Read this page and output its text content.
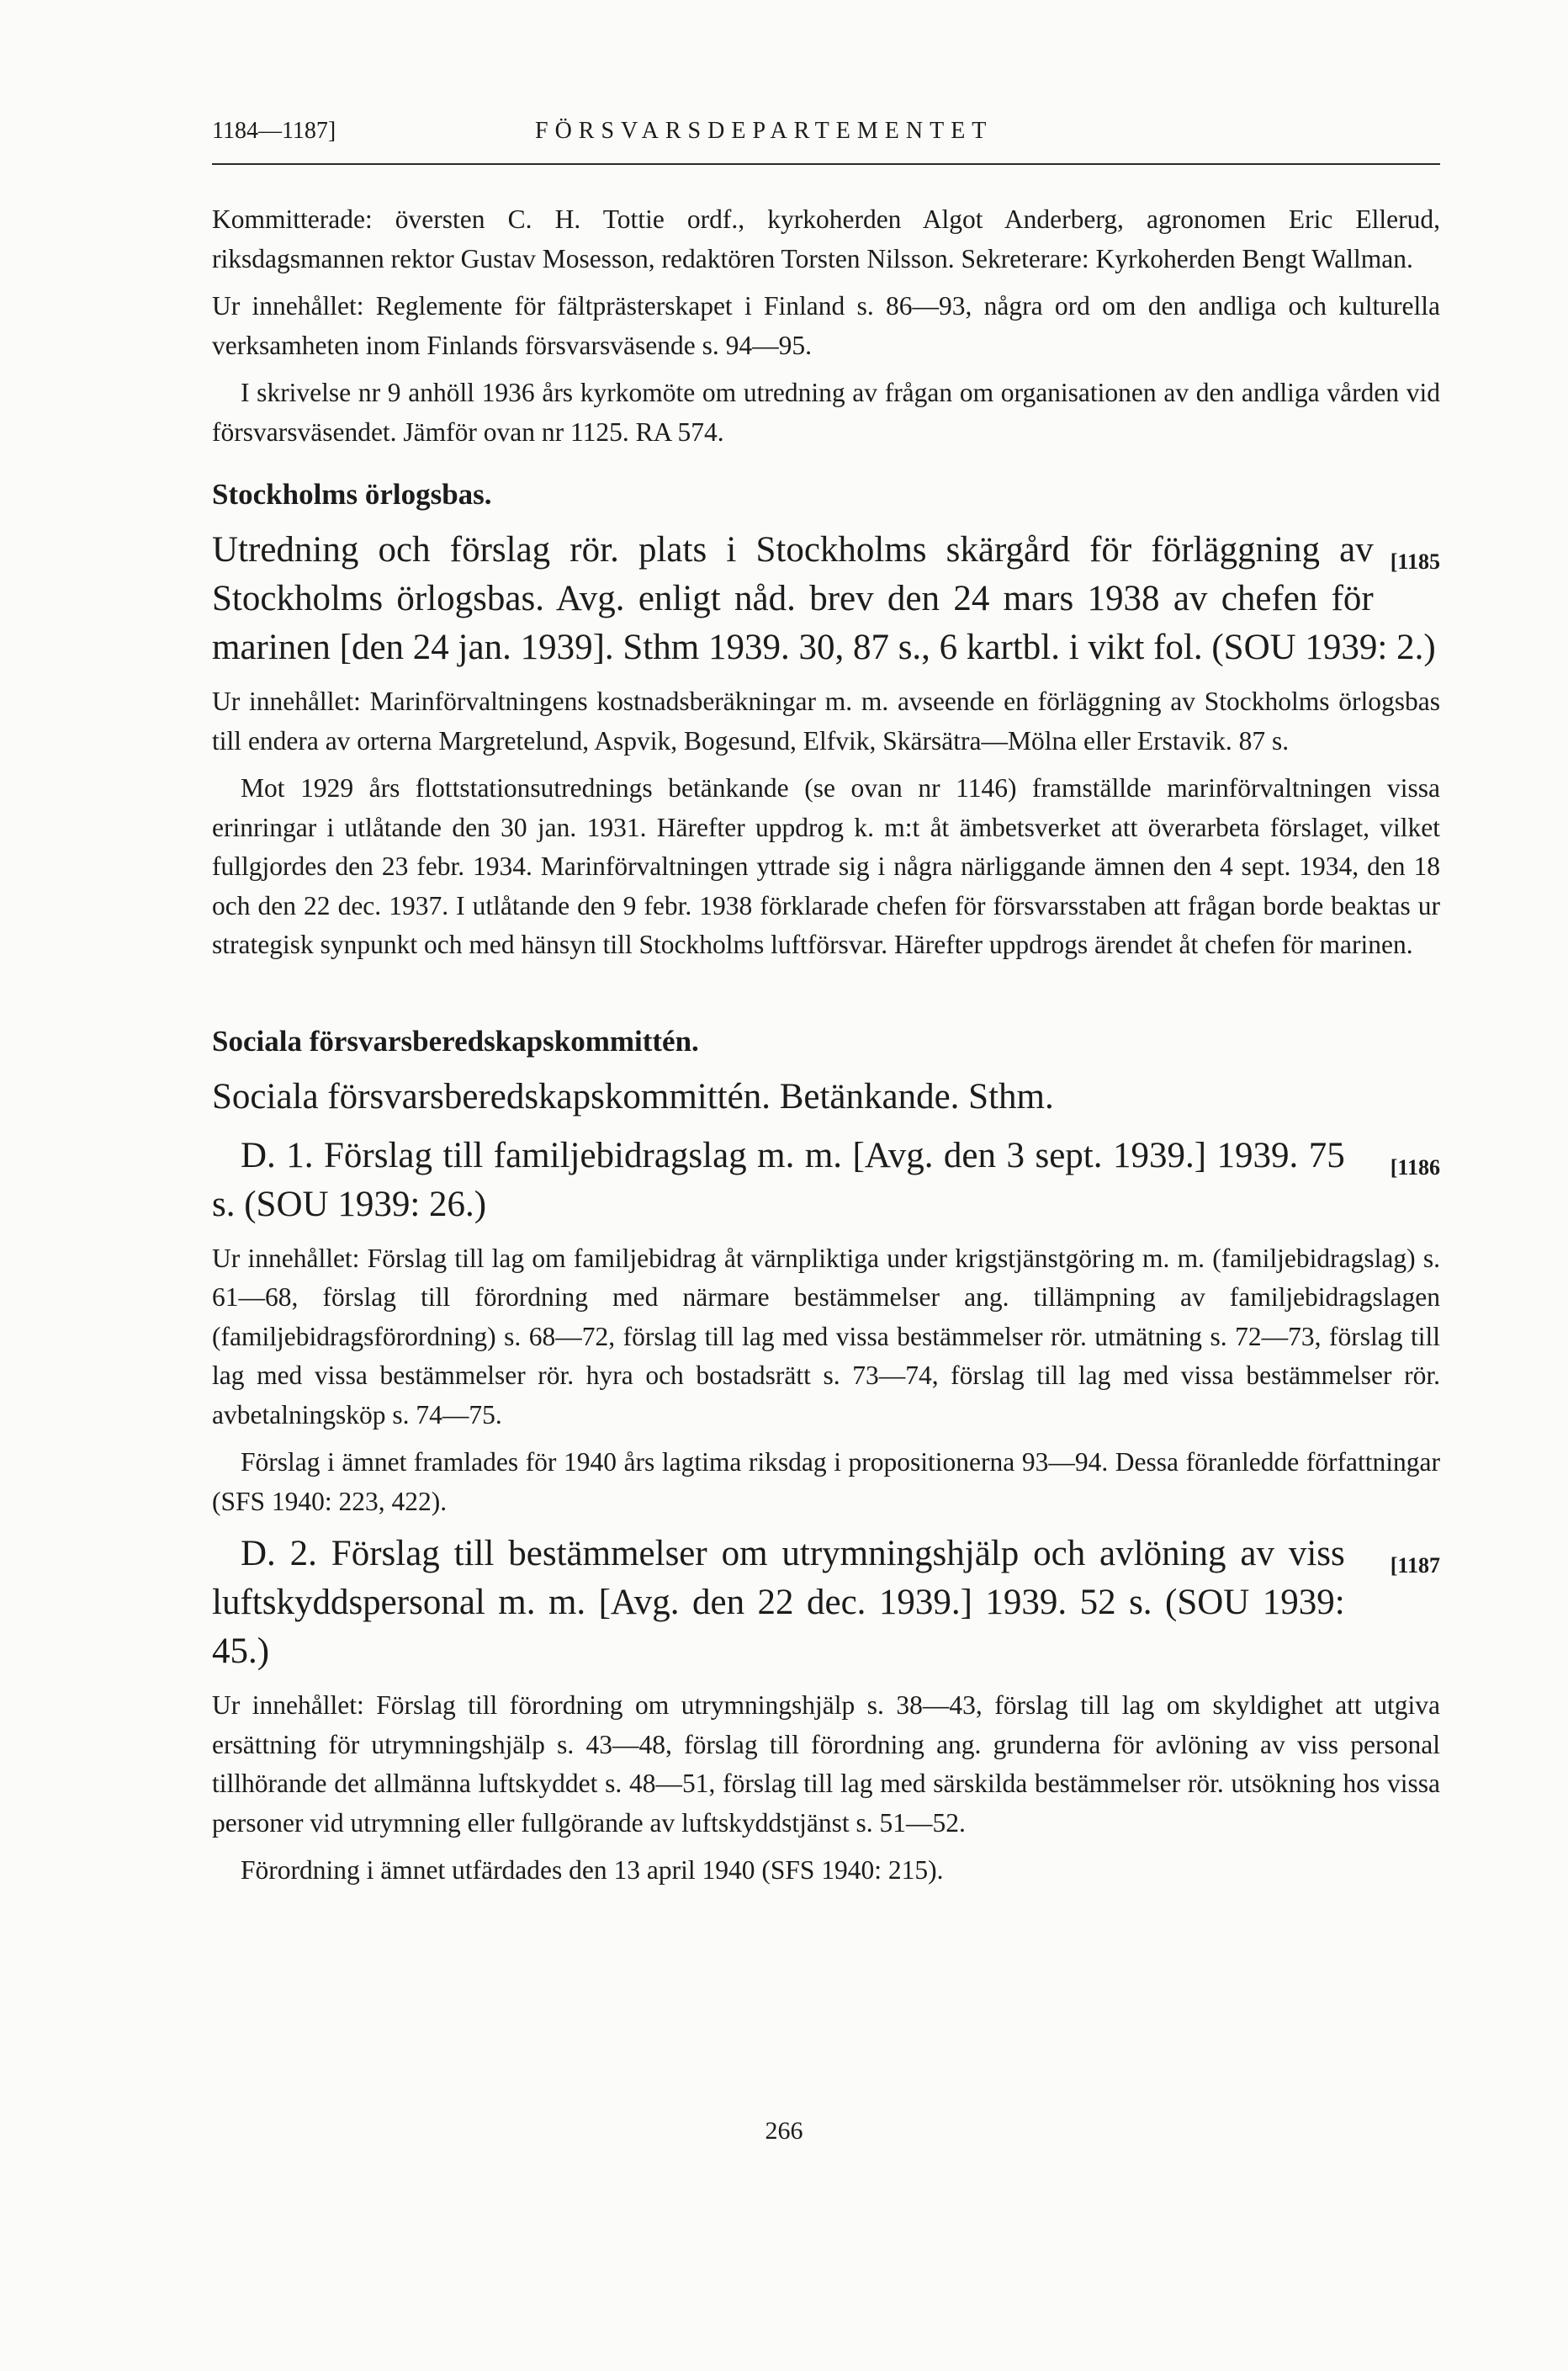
1184—1187]	FÖRSVARSDEPARTEMENTET

Kommitterade: översten C. H. Tottie ordf., kyrkoherden Algot Anderberg, agronomen Eric Ellerud, riksdagsmannen rektor Gustav Mosesson, redaktören Torsten Nilsson. Sekreterare: Kyrkoherden Bengt Wallman.

Ur innehållet: Reglemente för fältprästerskapet i Finland s. 86—93, några ord om den andliga och kulturella verksamheten inom Finlands försvarsväsende s. 94—95.

I skrivelse nr 9 anhöll 1936 års kyrkomöte om utredning av frågan om organisationen av den andliga vården vid försvarsväsendet. Jämför ovan nr 1125. RA 574.

Stockholms örlogsbas.
[1185
Utredning och förslag rör. plats i Stockholms skärgård för förläggning av Stockholms örlogsbas. Avg. enligt nåd. brev den 24 mars 1938 av chefen för marinen [den 24 jan. 1939]. Sthm 1939. 30, 87 s., 6 kartbl. i vikt fol. (SOU 1939: 2.)

Ur innehållet: Marinförvaltningens kostnadsberäkningar m. m. avseende en förläggning av Stockholms örlogsbas till endera av orterna Margretelund, Aspvik, Bogesund, Elfvik, Skärsätra—Mölna eller Erstavik. 87 s.

Mot 1929 års flottstationsutrednings betänkande (se ovan nr 1146) framställde marinförvaltningen vissa erinringar i utlåtande den 30 jan. 1931. Härefter uppdrog k. m:t åt ämbetsverket att överarbeta förslaget, vilket fullgjordes den 23 febr. 1934. Marinförvaltningen yttrade sig i några närliggande ämnen den 4 sept. 1934, den 18 och den 22 dec. 1937. I utlåtande den 9 febr. 1938 förklarade chefen för försvarsstaben att frågan borde beaktas ur strategisk synpunkt och med hänsyn till Stockholms luftförsvar. Härefter uppdrogs ärendet åt chefen för marinen.

Sociala försvarsberedskapskommittén.
Sociala försvarsberedskapskommittén. Betänkande. Sthm.
[1186
D. 1. Förslag till familjebidragslag m. m. [Avg. den 3 sept. 1939.] 1939. 75 s. (SOU 1939: 26.)

Ur innehållet: Förslag till lag om familjebidrag åt värnpliktiga under krigstjänstgöring m. m. (familjebidragslag) s. 61—68, förslag till förordning med närmare bestämmelser ang. tillämpning av familjebidragslagen (familjebidragsförordning) s. 68—72, förslag till lag med vissa bestämmelser rör. utmätning s. 72—73, förslag till lag med vissa bestämmelser rör. hyra och bostadsrätt s. 73—74, förslag till lag med vissa bestämmelser rör. avbetalningsköp s. 74—75.

Förslag i ämnet framlades för 1940 års lagtima riksdag i propositionerna 93—94. Dessa föranledde författningar (SFS 1940: 223, 422).

[1187
D. 2. Förslag till bestämmelser om utrymningshjälp och avlöning av viss luftskyddspersonal m. m. [Avg. den 22 dec. 1939.] 1939. 52 s. (SOU 1939: 45.)

Ur innehållet: Förslag till förordning om utrymningshjälp s. 38—43, förslag till lag om skyldighet att utgiva ersättning för utrymningshjälp s. 43—48, förslag till förordning ang. grunderna för avlöning av viss personal tillhörande det allmänna luftskyddet s. 48—51, förslag till lag med särskilda bestämmelser rör. utsökning hos vissa personer vid utrymning eller fullgörande av luftskyddstjänst s. 51—52.

Förordning i ämnet utfärdades den 13 april 1940 (SFS 1940: 215).

266
